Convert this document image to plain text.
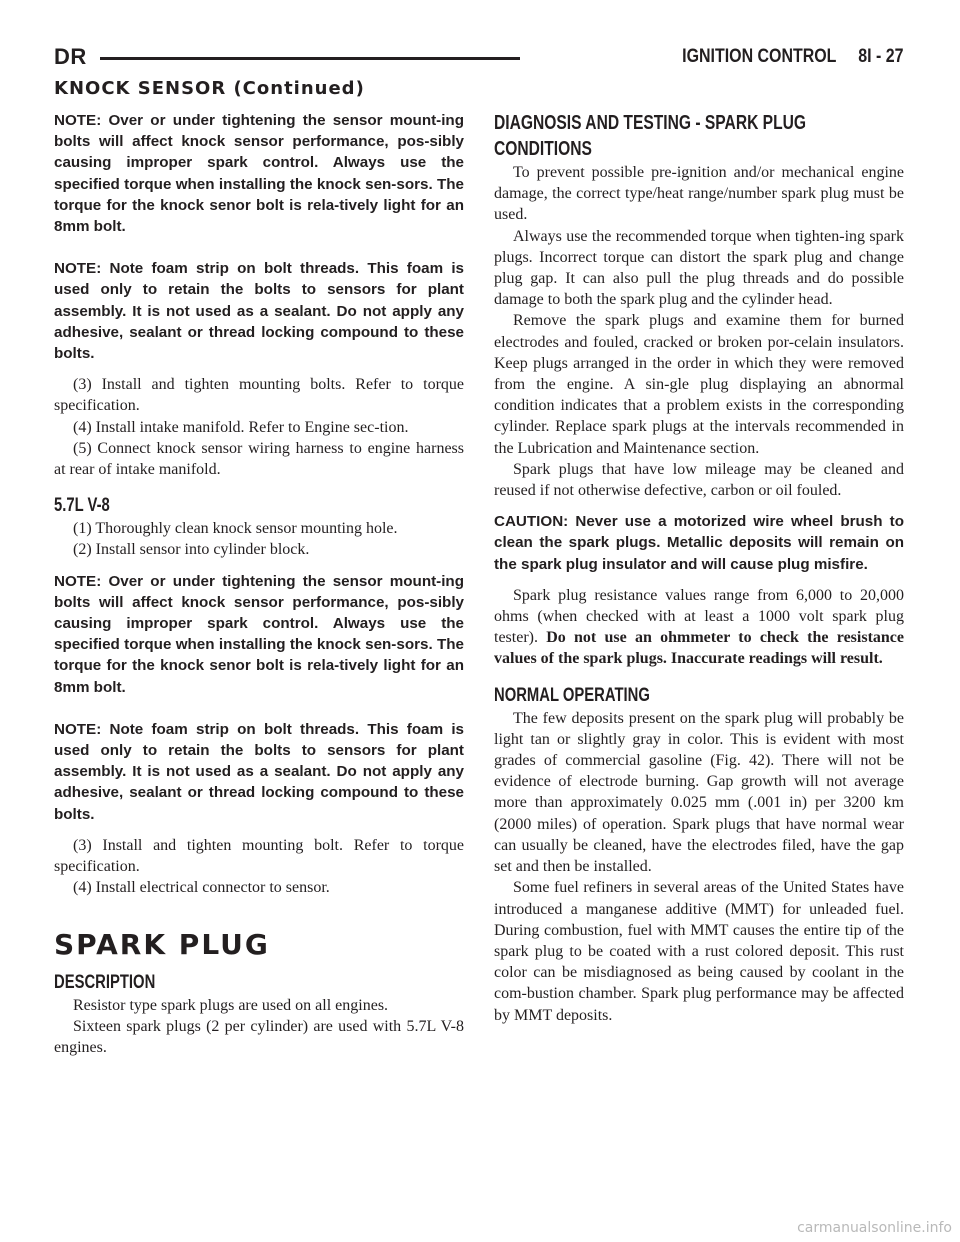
DR	IGNITION CONTROL 8I - 27
KNOCK SENSOR (Continued)

NOTE: Over or under tightening the sensor mount-ing bolts will affect knock sensor performance, pos-sibly causing improper spark control. Always use the specified torque when installing the knock sen-sors. The torque for the knock senor bolt is rela-tively light for an 8mm bolt.

NOTE: Note foam strip on bolt threads. This foam is used only to retain the bolts to sensors for plant assembly. It is not used as a sealant. Do not apply any adhesive, sealant or thread locking compound to these bolts.

(3) Install and tighten mounting bolts. Refer to torque specification.

(4) Install intake manifold. Refer to Engine sec-tion.

(5) Connect knock sensor wiring harness to engine harness at rear of intake manifold.

5.7L V-8

(1) Thoroughly clean knock sensor mounting hole.

(2) Install sensor into cylinder block.

NOTE: Over or under tightening the sensor mount-ing bolts will affect knock sensor performance, pos-sibly causing improper spark control. Always use the specified torque when installing the knock sen-sors. The torque for the knock senor bolt is rela-tively light for an 8mm bolt.

NOTE: Note foam strip on bolt threads. This foam is used only to retain the bolts to sensors for plant assembly. It is not used as a sealant. Do not apply any adhesive, sealant or thread locking compound to these bolts.

(3) Install and tighten mounting bolt. Refer to torque specification.

(4) Install electrical connector to sensor.

SPARK PLUG

DESCRIPTION

Resistor type spark plugs are used on all engines.

Sixteen spark plugs (2 per cylinder) are used with 5.7L V-8 engines.

DIAGNOSIS AND TESTING - SPARK PLUG CONDITIONS

To prevent possible pre-ignition and/or mechanical engine damage, the correct type/heat range/number spark plug must be used.

Always use the recommended torque when tighten-ing spark plugs. Incorrect torque can distort the spark plug and change plug gap. It can also pull the plug threads and do possible damage to both the spark plug and the cylinder head.

Remove the spark plugs and examine them for burned electrodes and fouled, cracked or broken por-celain insulators. Keep plugs arranged in the order in which they were removed from the engine. A sin-gle plug displaying an abnormal condition indicates that a problem exists in the corresponding cylinder. Replace spark plugs at the intervals recommended in the Lubrication and Maintenance section.

Spark plugs that have low mileage may be cleaned and reused if not otherwise defective, carbon or oil fouled.

CAUTION: Never use a motorized wire wheel brush to clean the spark plugs. Metallic deposits will remain on the spark plug insulator and will cause plug misfire.

Spark plug resistance values range from 6,000 to 20,000 ohms (when checked with at least a 1000 volt spark plug tester). Do not use an ohmmeter to check the resistance values of the spark plugs. Inaccurate readings will result.

NORMAL OPERATING

The few deposits present on the spark plug will probably be light tan or slightly gray in color. This is evident with most grades of commercial gasoline (Fig. 42). There will not be evidence of electrode burning. Gap growth will not average more than approximately 0.025 mm (.001 in) per 3200 km (2000 miles) of operation. Spark plugs that have normal wear can usually be cleaned, have the electrodes filed, have the gap set and then be installed.

Some fuel refiners in several areas of the United States have introduced a manganese additive (MMT) for unleaded fuel. During combustion, fuel with MMT causes the entire tip of the spark plug to be coated with a rust colored deposit. This rust color can be misdiagnosed as being caused by coolant in the com-bustion chamber. Spark plug performance may be affected by MMT deposits.

carmanualsonline.info
